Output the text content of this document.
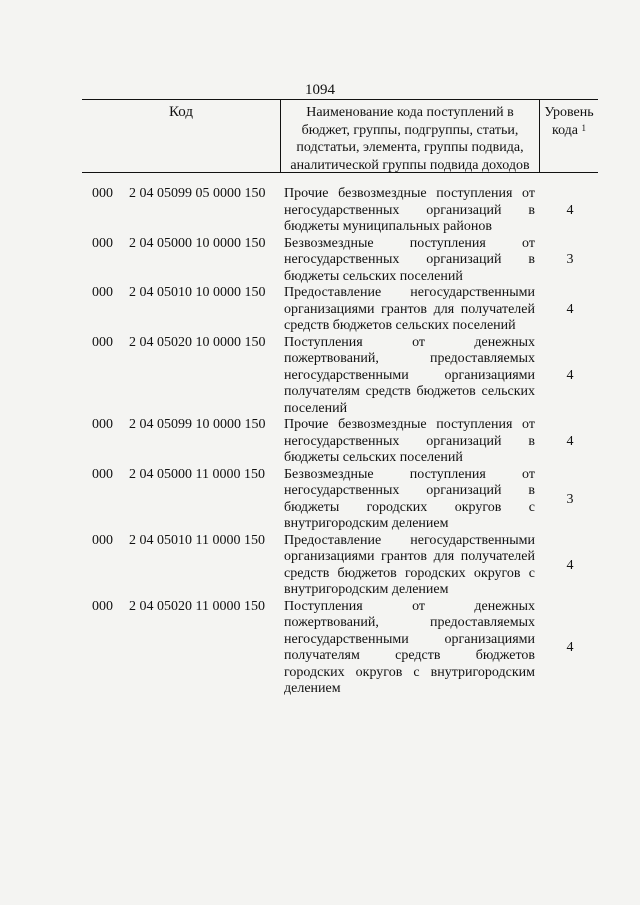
1094
Код	Наименование кода поступлений в
бюджет, группы, подгруппы, статьи,
подстатьи, элемента, группы подвида,
аналитической группы подвида доходов
Уровень
кода $^1$
000 2 04 05099 05 0000 150 Прочие безвозмездные поступления от
негосударственных организаций в
бюджеты муниципальных районов
4
000 2 04 05000 10 0000 150 Безвозмездные поступления от
негосударственных организаций в
бюджеты сельских поселений
3
000 2 04 05010 10 0000 150 Предоставление негосударственными
организациями грантов для получателей
средств бюджетов сельских поселений
4
000 2 04 05020 10 0000 150 Поступления от денежных
пожертвований, предоставляемых
негосударственными организациями
получателям средств бюджетов сельских
поселений
4
000 2 04 05099 10 0000 150 Прочие безвозмездные поступления от
негосударственных организаций в
бюджеты сельских поселений
4
000 2 04 05000 11 0000 150 Безвозмездные поступления от
негосударственных организаций в
бюджеты городских округов с
внутригородским делением
3
000 2 04 05010 11 0000 150 Предоставление негосударственными
организациями грантов для получателей
средств бюджетов городских округов с
внутригородским делением
4
000 2 04 05020 11 0000 150 Поступления от денежных
пожертвований, предоставляемых
негосударственными организациями
получателям средств бюджетов
городских округов с внутригородским
делением
4
